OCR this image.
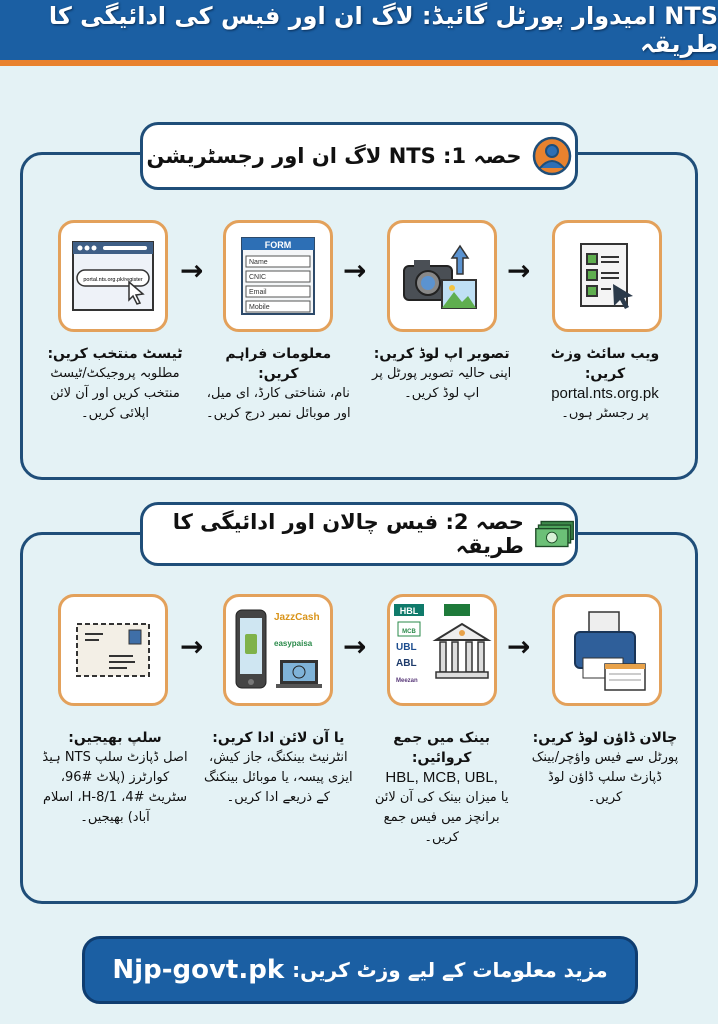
NTS امیدوار پورٹل گائیڈ: لاگ ان اور فیس کی ادائیگی کا طریقہ
حصہ 1: NTS لاگ ان اور رجسٹریشن
FORM
Name
CNIC
Email
Mobile
portal.nts.org.pk/register →	→	→
ویب سائٹ وزٹ کریں:
portal.nts.org.pk
پر رجسٹر ہوں۔
تصویر اپ لوڈ کریں:
اپنی حالیہ تصویر پورٹل پر اپ لوڈ کریں۔
معلومات فراہم کریں:
نام، شناختی کارڈ، ای میل، اور موبائل نمبر درج کریں۔
ٹیسٹ منتخب کریں:
مطلوبہ پروجیکٹ/ٹیسٹ منتخب کریں اور آن لائن اپلائی کریں۔
حصہ 2: فیس چالان اور ادائیگی کا طریقہ
HBL
MCB
UBL
ABL
Meezan
JazzCash
easypaisa
→	→	→
چالان ڈاؤن لوڈ کریں:
پورٹل سے فیس واؤچر/بینک ڈپازٹ سلپ ڈاؤن لوڈ کریں۔
بینک میں جمع کروائیں:
HBL, MCB, UBL,
یا میزان بینک کی آن لائن برانچز میں فیس جمع کریں۔
یا آن لائن ادا کریں:
انٹرنیٹ بینکنگ، جاز کیش، ایزی پیسہ، یا موبائل بینکنگ کے ذریعے ادا کریں۔
سلپ بھیجیں:
اصل ڈپازٹ سلپ NTS ہیڈ کوارٹرز (پلاٹ #96، سٹریٹ #4، H-8/1، اسلام آباد) بھیجیں۔
مزید معلومات کے لیے وزٹ کریں:
Njp-govt.pk
